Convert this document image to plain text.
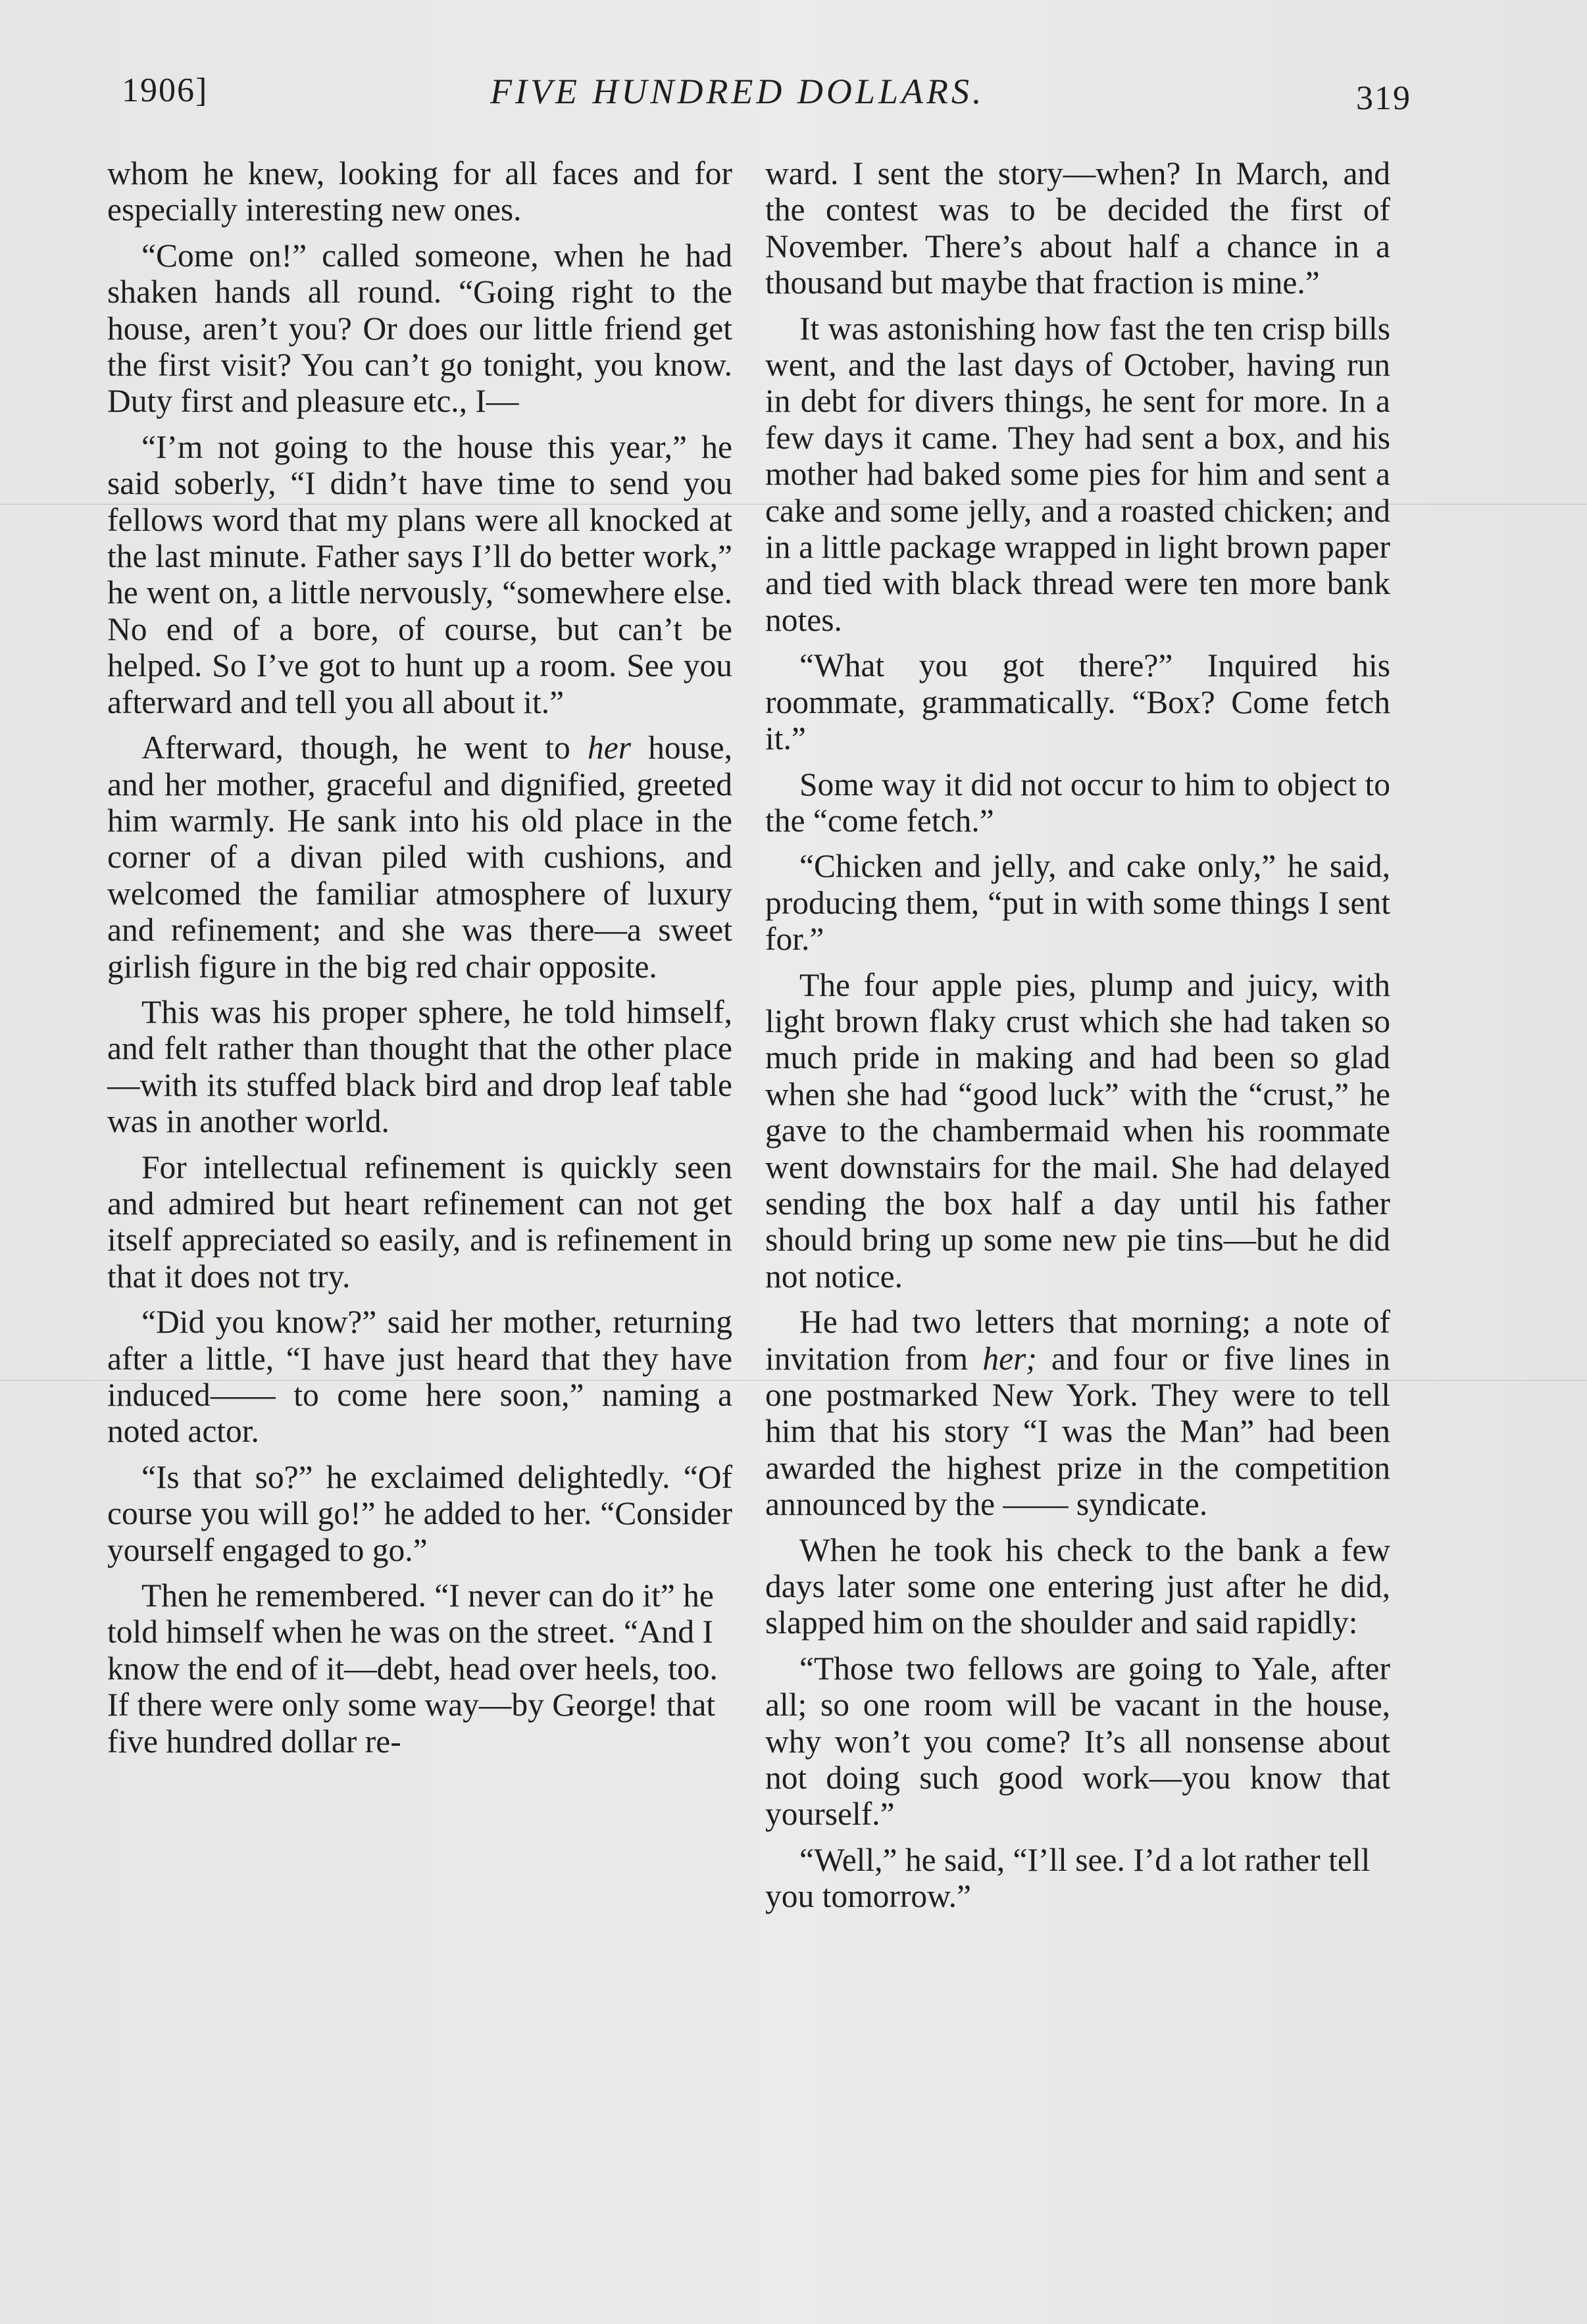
1906]	FIVE HUNDRED DOLLARS.	319

whom he knew, looking for all faces and for especially interesting new ones.

“Come on!” called someone, when he had shaken hands all round. “Going right to the house, aren’t you? Or does our little friend get the first visit? You can’t go tonight, you know. Duty first and pleasure etc., I—

“I’m not going to the house this year,” he said soberly, “I didn’t have time to send you fellows word that my plans were all knocked at the last minute. Father says I’ll do better work,” he went on, a little nervously, “somewhere else. No end of a bore, of course, but can’t be helped. So I’ve got to hunt up a room. See you afterward and tell you all about it.”

Afterward, though, he went to her house, and her mother, graceful and dignified, greeted him warmly. He sank into his old place in the corner of a divan piled with cushions, and welcomed the familiar atmosphere of luxury and refinement; and she was there—a sweet girlish figure in the big red chair opposite.

This was his proper sphere, he told himself, and felt rather than thought that the other place—with its stuffed black bird and drop leaf table was in another world.

For intellectual refinement is quickly seen and admired but heart refinement can not get itself appreciated so easily, and is refinement in that it does not try.

“Did you know?” said her mother, returning after a little, “I have just heard that they have induced—— to come here soon,” naming a noted actor.

“Is that so?” he exclaimed delightedly. “Of course you will go!” he added to her. “Consider yourself engaged to go.”

Then he remembered. “I never can do it” he told himself when he was on the street. “And I know the end of it—debt, head over heels, too. If there were only some way—by George! that five hundred dollar re-

ward. I sent the story—when? In March, and the contest was to be decided the first of November. There’s about half a chance in a thousand but maybe that fraction is mine.”

It was astonishing how fast the ten crisp bills went, and the last days of October, having run in debt for divers things, he sent for more. In a few days it came. They had sent a box, and his mother had baked some pies for him and sent a cake and some jelly, and a roasted chicken; and in a little package wrapped in light brown paper and tied with black thread were ten more bank notes.

“What you got there?” Inquired his roommate, grammatically. “Box? Come fetch it.”

Some way it did not occur to him to object to the “come fetch.”

“Chicken and jelly, and cake only,” he said, producing them, “put in with some things I sent for.”

The four apple pies, plump and juicy, with light brown flaky crust which she had taken so much pride in making and had been so glad when she had “good luck” with the “crust,” he gave to the chambermaid when his roommate went downstairs for the mail. She had delayed sending the box half a day until his father should bring up some new pie tins—but he did not notice.

He had two letters that morning; a note of invitation from her; and four or five lines in one postmarked New York. They were to tell him that his story “I was the Man” had been awarded the highest prize in the competition announced by the —— syndicate.

When he took his check to the bank a few days later some one entering just after he did, slapped him on the shoulder and said rapidly:

“Those two fellows are going to Yale, after all; so one room will be vacant in the house, why won’t you come? It’s all nonsense about not doing such good work—you know that yourself.”

“Well,” he said, “I’ll see. I’d a lot rather tell you tomorrow.”
